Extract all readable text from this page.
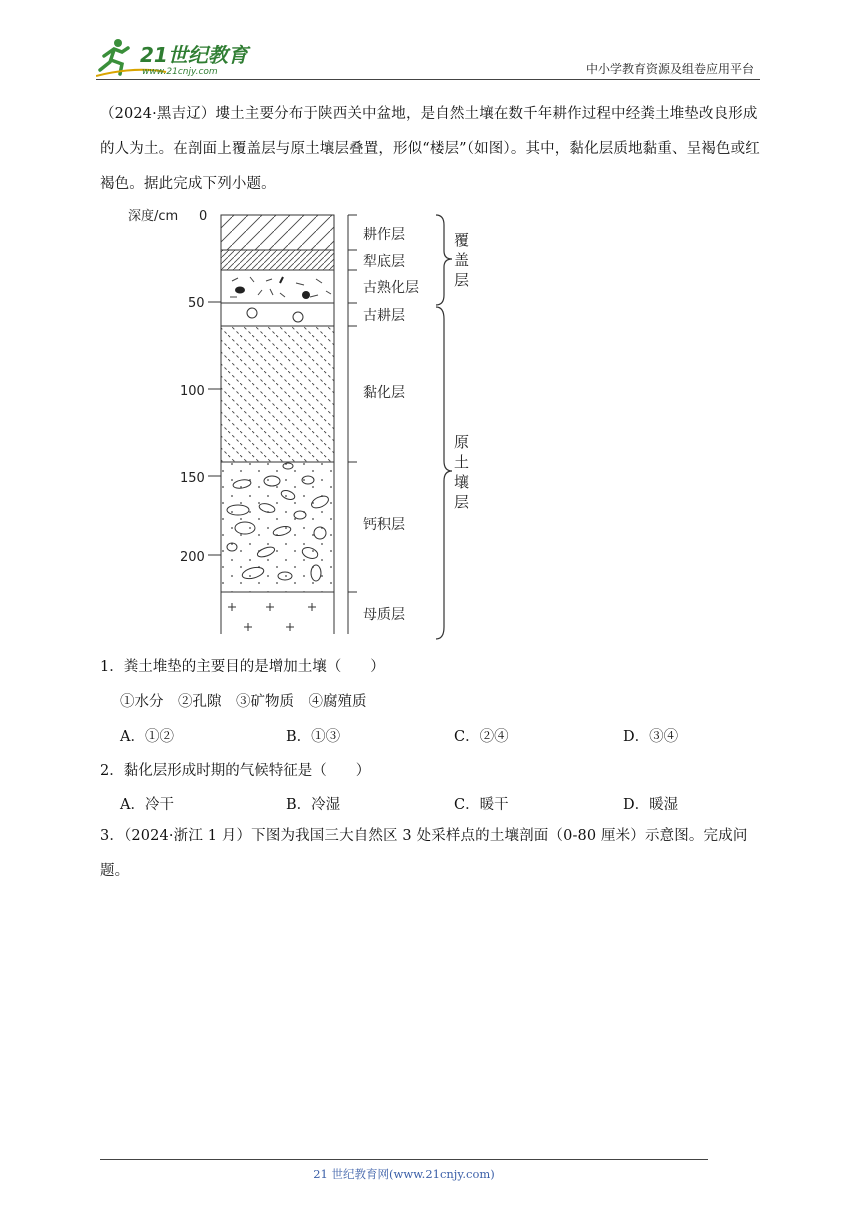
21世纪教育
www.21cnjy.com	中小学教育资源及组卷应用平台
（2024·黑吉辽）塿土主要分布于陕西关中盆地，是自然土壤在数千年耕作过程中经粪土堆垫改良形成的人为土。在剖面上覆盖层与原土壤层叠置，形似“楼层”（如图）。其中，黏化层质地黏重、呈褐色或红褐色。据此完成下列小题。
深度/cm 0
50
100
150
200
耕作层
犁底层
古熟化层
古耕层
黏化层
钙积层
母质层
覆
盖
层
原
土
壤
层
1．粪土堆垫的主要目的是增加土壤（　　）
①水分　②孔隙　③矿物质　④腐殖质
A．①②	B．①③	C．②④	D．③④
2．黏化层形成时期的气候特征是（　　）
A．冷干	B．冷湿	C．暖干	D．暖湿
3．（2024·浙江 1 月）下图为我国三大自然区 3 处采样点的土壤剖面（0-80 厘米）示意图。完成问题。
21 世纪教育网(www.21cnjy.com)
